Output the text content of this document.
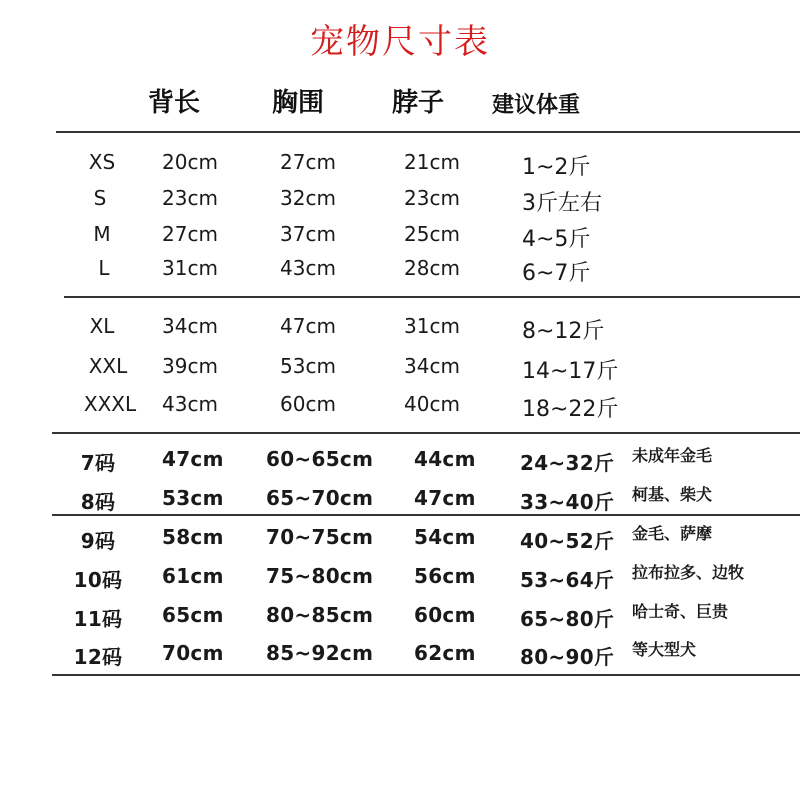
宠物尺寸表
背长	胸围	脖子 建议体重
XS	20cm	27cm	21cm	1~2斤
S	23cm	32cm	23cm	3斤左右
M	27cm	37cm	25cm	4~5斤
L	31cm	43cm	28cm	6~7斤
XL	34cm	47cm	31cm	8~12斤
XXL	39cm	53cm	34cm	14~17斤
XXXL	43cm	60cm	40cm	18~22斤
7码	47cm 60~65cm 44cm 24~32斤 未成年金毛
8码	53cm 65~70cm 47cm 33~40斤 柯基、柴犬
9码	58cm 70~75cm 54cm 40~52斤 金毛、萨摩
10码	61cm 75~80cm 56cm 53~64斤 拉布拉多、边牧
11码	65cm 80~85cm 60cm 65~80斤 哈士奇、巨贵
12码	70cm 85~92cm 62cm 80~90斤 等大型犬
